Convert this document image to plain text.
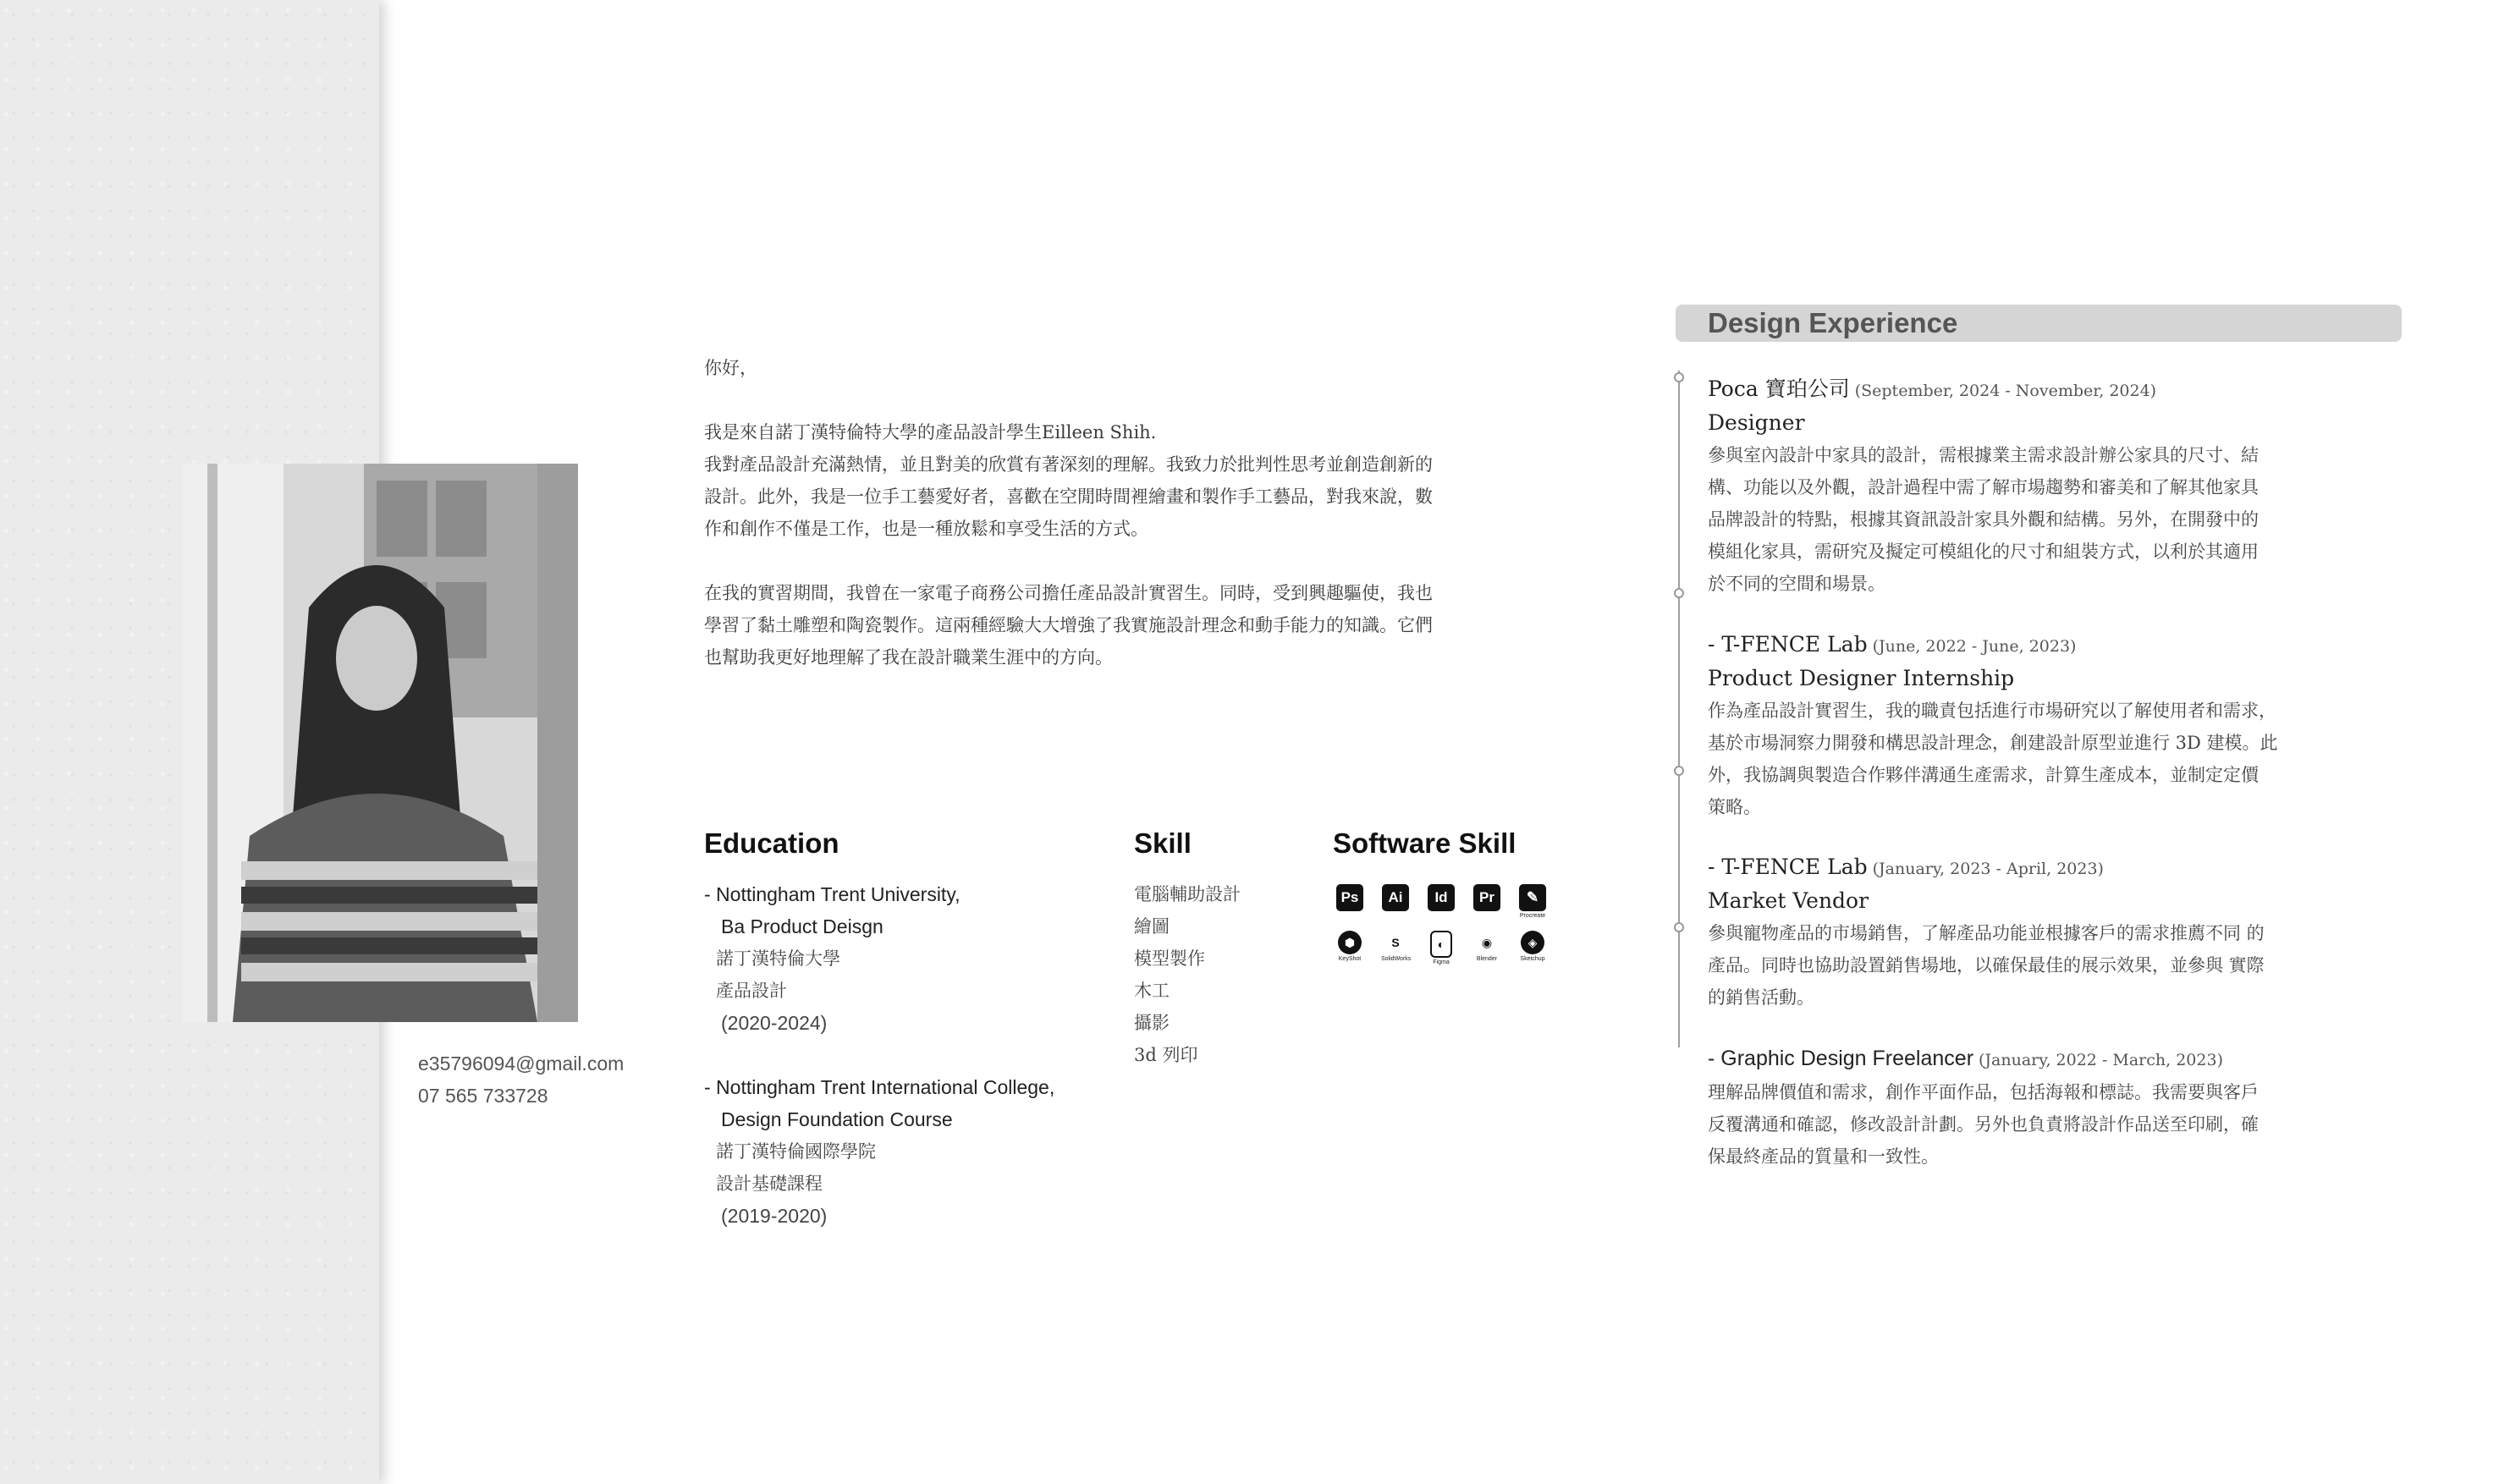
e35796094@gmail.com
07 565 733728

你好，

我是來自諾丁漢特倫特大學的產品設計學生Eilleen Shih.
我對產品設計充滿熱情，並且對美的欣賞有著深刻的理解。我致力於批判性思考並創造創新的
設計。此外，我是一位手工藝愛好者，喜歡在空閒時間裡繪畫和製作手工藝品，對我來說，數
作和創作不僅是工作，也是一種放鬆和享受生活的方式。

在我的實習期間，我曾在一家電子商務公司擔任產品設計實習生。同時，受到興趣驅使，我也
學習了黏土雕塑和陶瓷製作。這兩種經驗大大增強了我實施設計理念和動手能力的知識。它們
也幫助我更好地理解了我在設計職業生涯中的方向。

Education
- Nottingham Trent University,
Ba Product Deisgn
諾丁漢特倫大學
產品設計
(2020-2024)
- Nottingham Trent International College,
Design Foundation Course
諾丁漢特倫國際學院
設計基礎課程
(2019-2020)
Skill
電腦輔助設計
繪圖
模型製作
木工
攝影
3d 列印
Software Skill
Ps	Ai	Id	Pr	✎
Procreate
⬢
KeyShot
S
SolidWorks
◐
Figma
◉
Blender
◈
Sketchup
Design Experience
Poca 寶珀公司 (September, 2024 - November, 2024)
Designer
參與室內設計中家具的設計，需根據業主需求設計辦公家具的尺寸、結
構、功能以及外觀，設計過程中需了解市場趨勢和審美和了解其他家具
品牌設計的特點，根據其資訊設計家具外觀和結構。另外，在開發中的
模組化家具，需研究及擬定可模組化的尺寸和組裝方式，以利於其適用
於不同的空間和場景。
- T-FENCE Lab (June, 2022 - June, 2023)
Product Designer Internship
作為產品設計實習生，我的職責包括進行市場研究以了解使用者和需求，
基於市場洞察力開發和構思設計理念，創建設計原型並進行 3D 建模。此
外，我協調與製造合作夥伴溝通生產需求，計算生產成本，並制定定價
策略。
- T-FENCE Lab (January, 2023 - April, 2023)
Market Vendor
參與寵物產品的市場銷售，了解產品功能並根據客戶的需求推薦不同 的
產品。同時也協助設置銷售場地，以確保最佳的展示效果，並參與 實際
的銷售活動。
- Graphic Design Freelancer (January, 2022 - March, 2023)
理解品牌價值和需求，創作平面作品，包括海報和標誌。我需要與客戶
反覆溝通和確認，修改設計計劃。另外也負責將設計作品送至印刷，確
保最終產品的質量和一致性。
